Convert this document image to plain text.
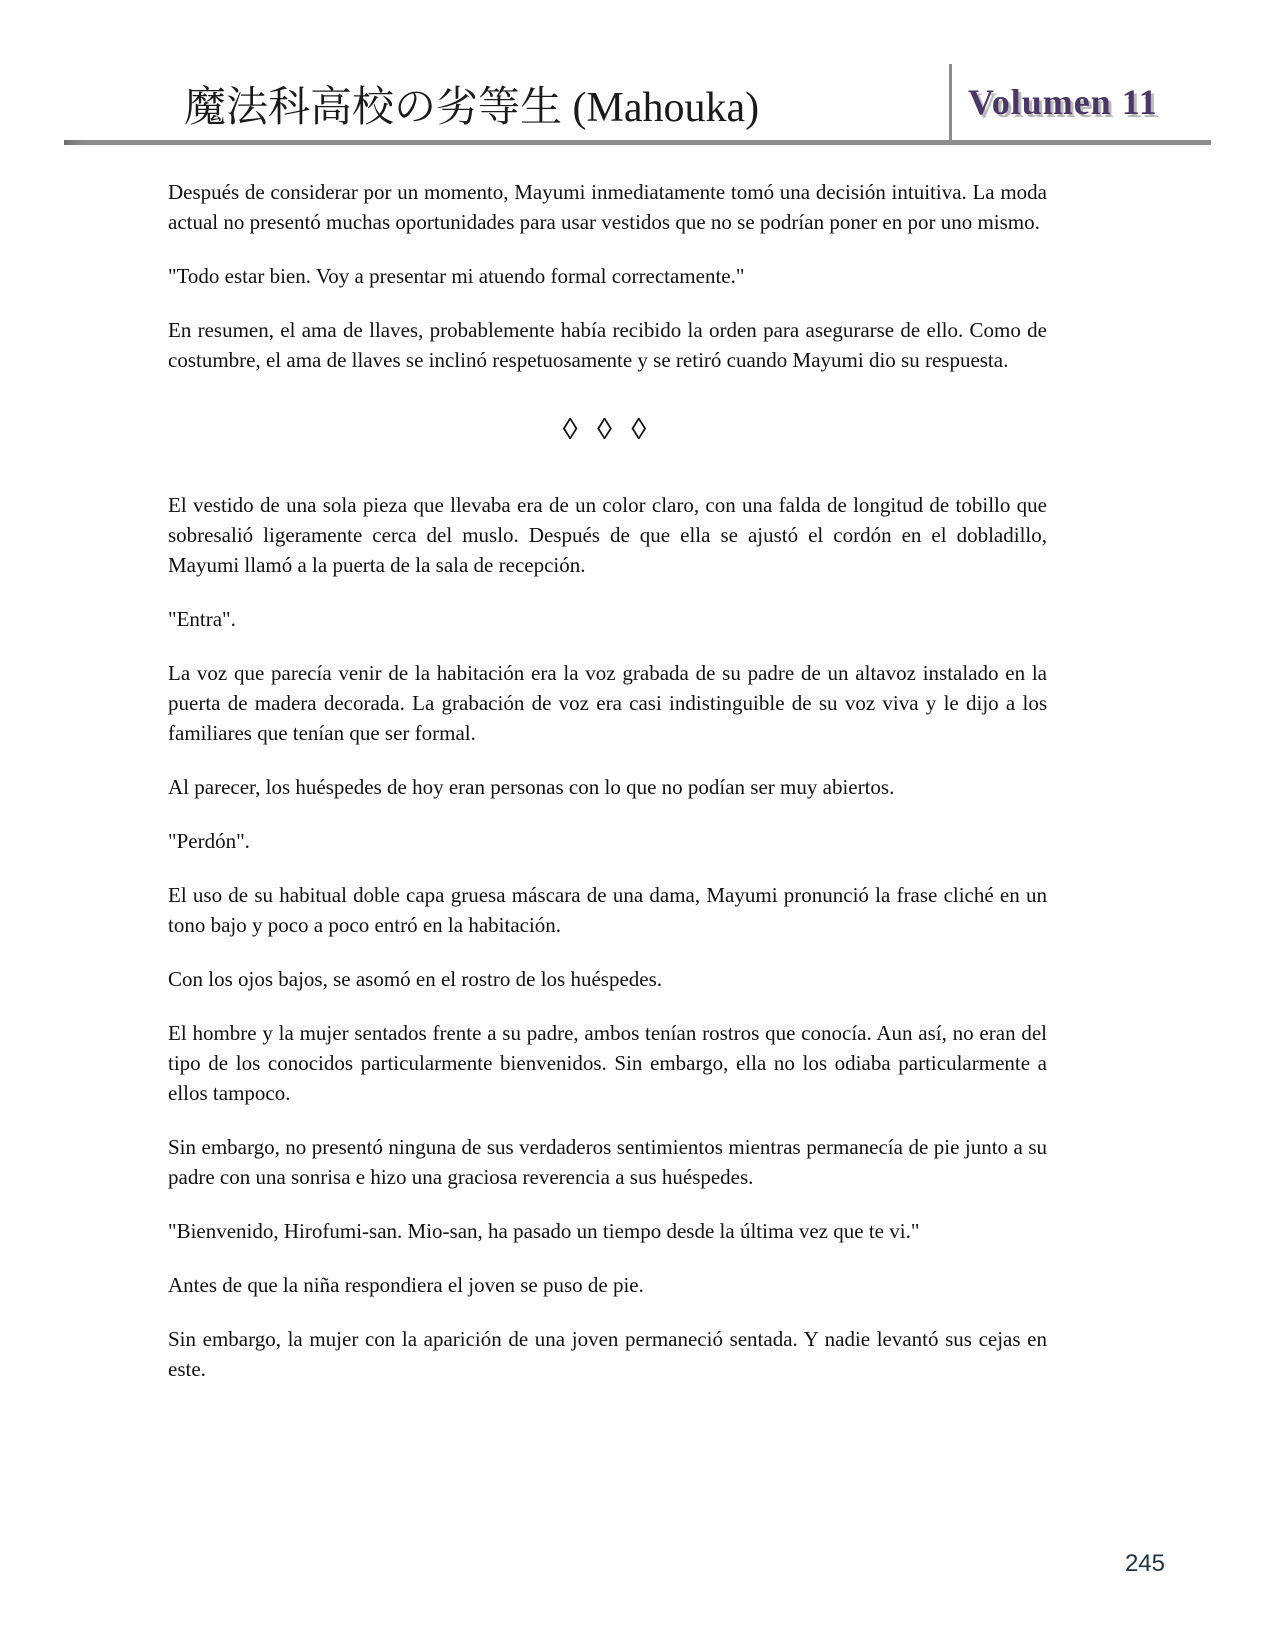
魔法科高校の劣等生 (Mahouka)	Volumen 11

Después de considerar por un momento, Mayumi inmediatamente tomó una decisión intuitiva. La moda actual no presentó muchas oportunidades para usar vestidos que no se podrían poner en por uno mismo.

"Todo estar bien. Voy a presentar mi atuendo formal correctamente."

En resumen, el ama de llaves, probablemente había recibido la orden para asegurarse de ello. Como de costumbre, el ama de llaves se inclinó respetuosamente y se retiró cuando Mayumi dio su respuesta.

◊ ◊ ◊

El vestido de una sola pieza que llevaba era de un color claro, con una falda de longitud de tobillo que sobresalió ligeramente cerca del muslo. Después de que ella se ajustó el cordón en el dobladillo, Mayumi llamó a la puerta de la sala de recepción.

"Entra".

La voz que parecía venir de la habitación era la voz grabada de su padre de un altavoz instalado en la puerta de madera decorada. La grabación de voz era casi indistinguible de su voz viva y le dijo a los familiares que tenían que ser formal.

Al parecer, los huéspedes de hoy eran personas con lo que no podían ser muy abiertos.

"Perdón".

El uso de su habitual doble capa gruesa máscara de una dama, Mayumi pronunció la frase cliché en un tono bajo y poco a poco entró en la habitación.

Con los ojos bajos, se asomó en el rostro de los huéspedes.

El hombre y la mujer sentados frente a su padre, ambos tenían rostros que conocía. Aun así, no eran del tipo de los conocidos particularmente bienvenidos. Sin embargo, ella no los odiaba particularmente a ellos tampoco.

Sin embargo, no presentó ninguna de sus verdaderos sentimientos mientras permanecía de pie junto a su padre con una sonrisa e hizo una graciosa reverencia a sus huéspedes.

"Bienvenido, Hirofumi-san. Mio-san, ha pasado un tiempo desde la última vez que te vi."

Antes de que la niña respondiera el joven se puso de pie.

Sin embargo, la mujer con la aparición de una joven permaneció sentada. Y nadie levantó sus cejas en este.

245
